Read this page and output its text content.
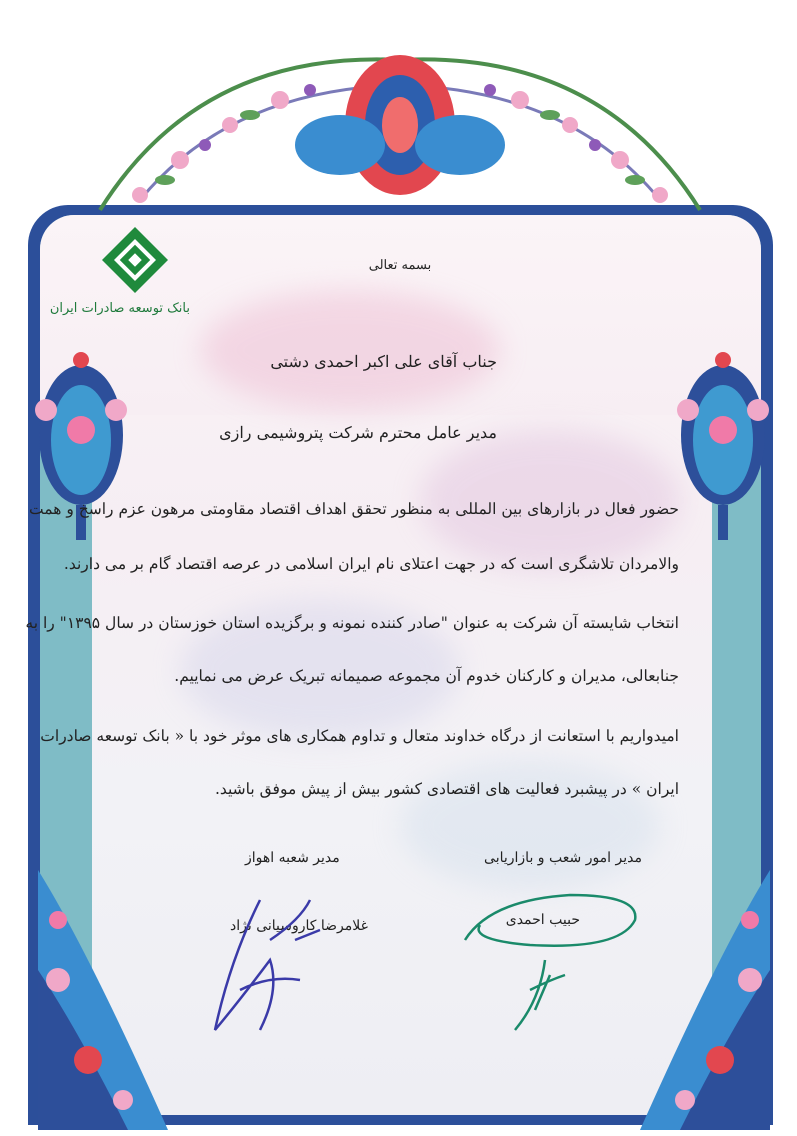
بانک توسعه صادرات ایران
بسمه تعالی
جناب آقای علی اکبر احمدی دشتی
مدیر عامل محترم شرکت پتروشیمی رازی
حضور فعال در بازارهای بین المللی به منظور تحقق اهداف اقتصاد مقاومتی مرهون عزم راسخ و همت
والامردان تلاشگری است که در جهت اعتلای نام ایران اسلامی در عرصه اقتصاد گام بر می دارند.
انتخاب شایسته آن شرکت به عنوان "صادر کننده نمونه و برگزیده استان خوزستان در سال ۱۳۹۵" را به
جنابعالی، مدیران و کارکنان خدوم آن مجموعه صمیمانه تبریک عرض می نماییم.
امیدواریم با استعانت از درگاه خداوند متعال و تداوم همکاری های موثر خود با « بانک توسعه صادرات
ایران » در پیشبرد فعالیت های اقتصادی کشور بیش از پیش موفق باشید.
مدیر امور شعب و بازاریابی
مدیر شعبه اهواز
حبیب احمدی
غلامرضا کاروسیانی نژاد
